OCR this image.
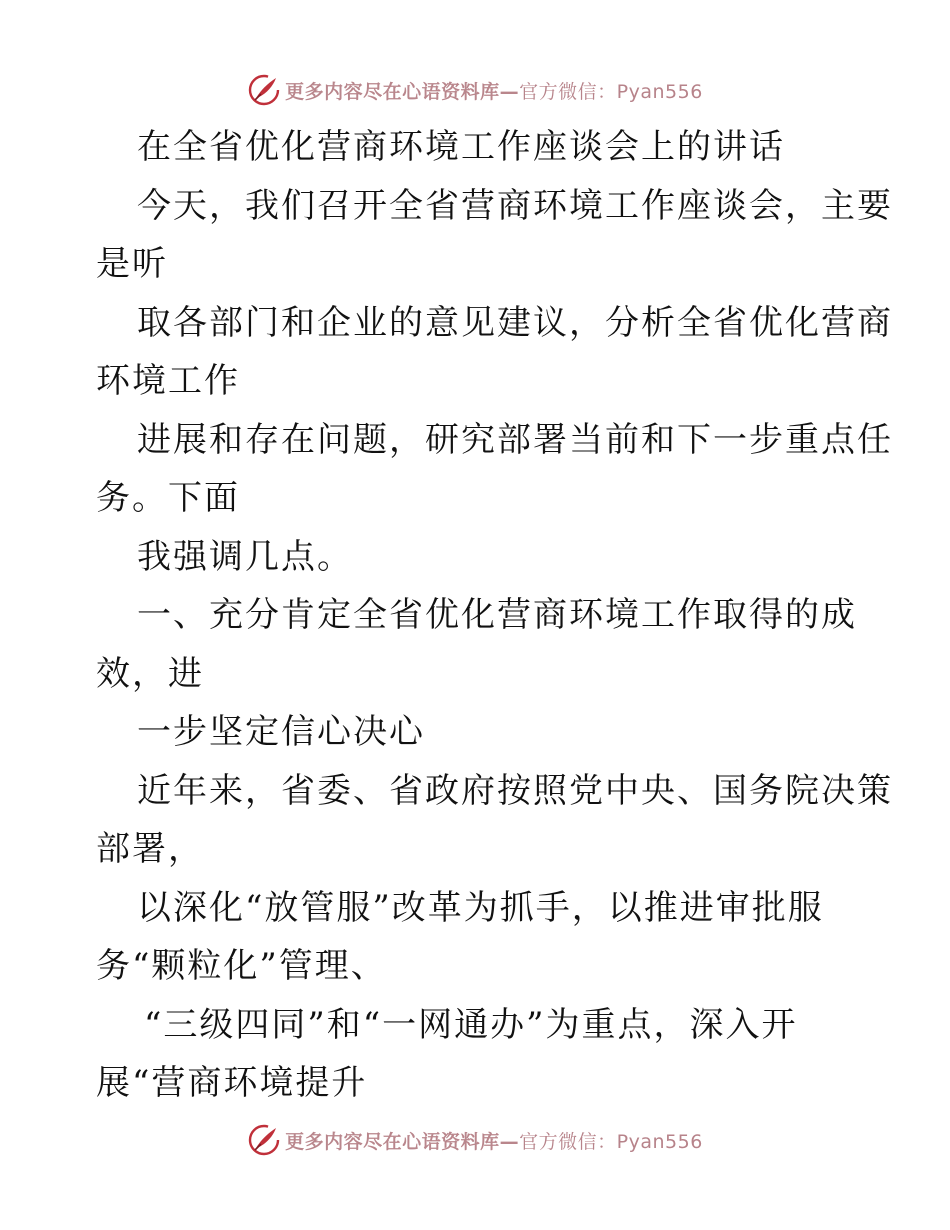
更多内容尽在心语资料库—官方微信：Pyan556
在全省优化营商环境工作座谈会上的讲话
今天，我们召开全省营商环境工作座谈会，主要
是听
取各部门和企业的意见建议，分析全省优化营商
环境工作
进展和存在问题，研究部署当前和下一步重点任
务。下面
我强调几点。
一、充分肯定全省优化营商环境工作取得的成
效，进
一步坚定信心决心
近年来，省委、省政府按照党中央、国务院决策
部署，
以深化“放管服”改革为抓手，以推进审批服
务“颗粒化”管理、
“三级四同”和“一网通办”为重点，深入开
展“营商环境提升
更多内容尽在心语资料库—官方微信：Pyan556
